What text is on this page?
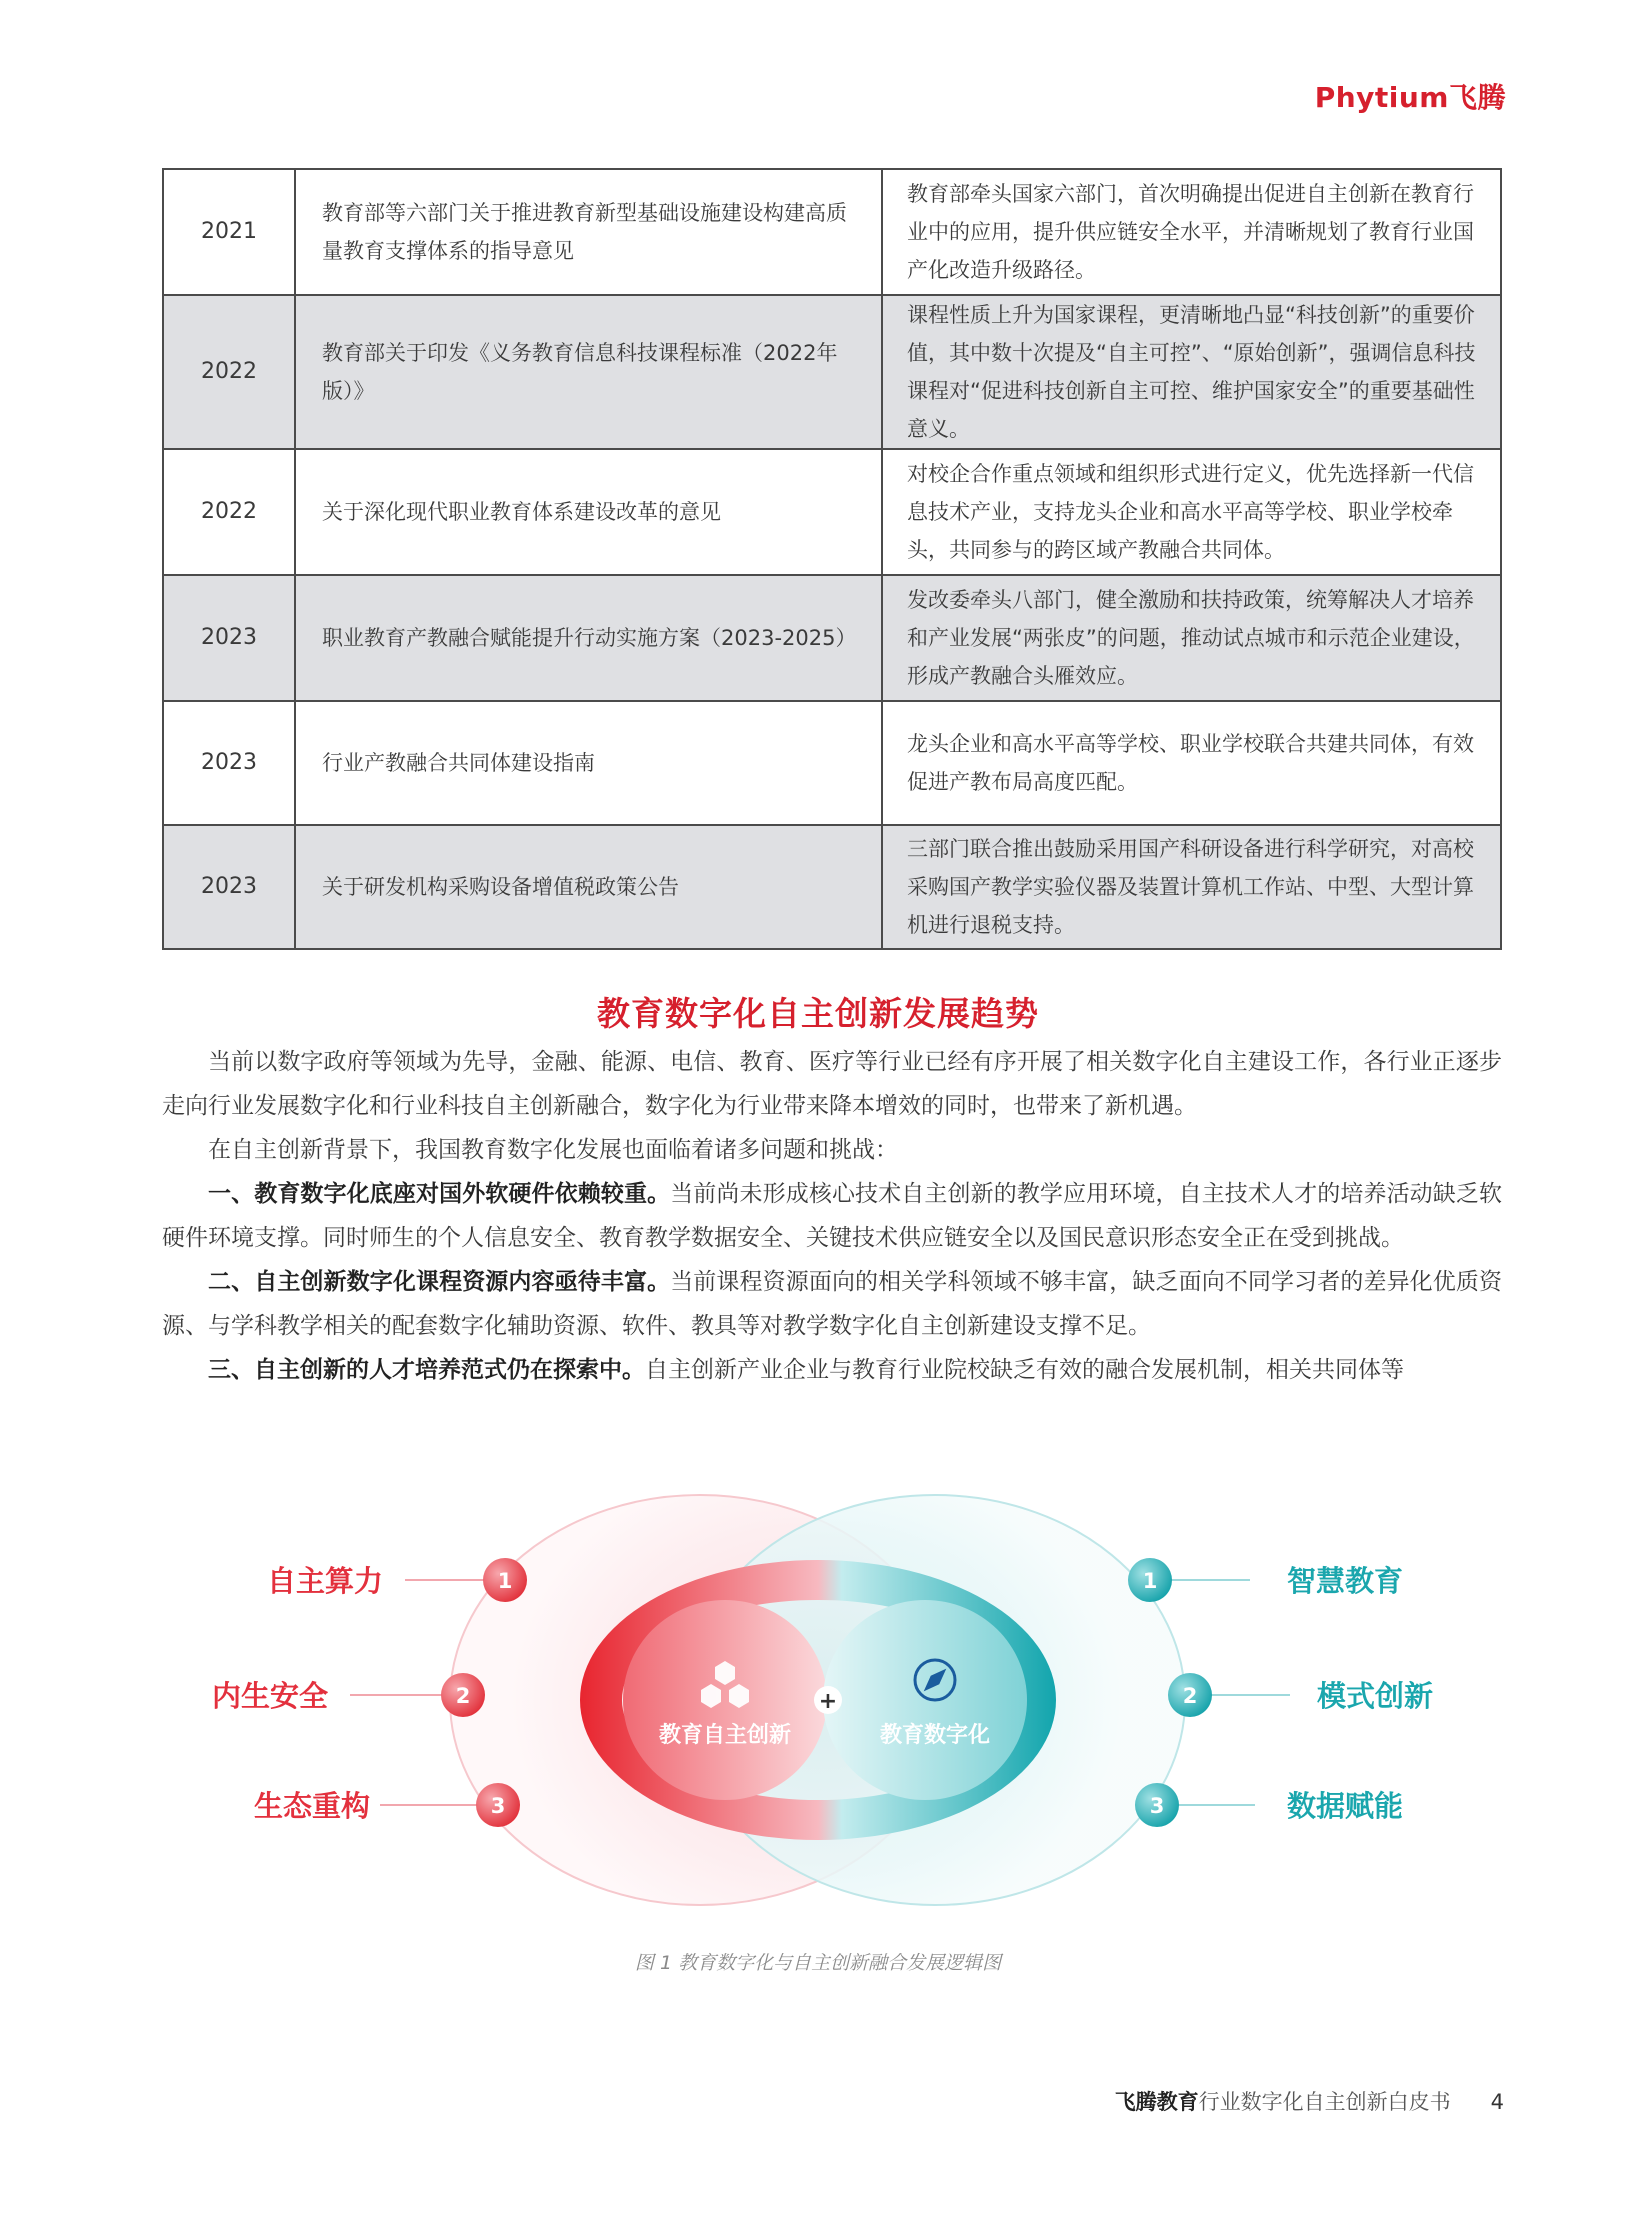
Phytium飞腾
2021	教育部等六部门关于推进教育新型基础设施建设构建高质量教育支撑体系的指导意见	教育部牵头国家六部门，首次明确提出促进自主创新在教育行业中的应用，提升供应链安全水平，并清晰规划了教育行业国产化改造升级路径。
2022	教育部关于印发《义务教育信息科技课程标准（2022年版）》	课程性质上升为国家课程，更清晰地凸显“科技创新”的重要价值，其中数十次提及“自主可控”、“原始创新”，强调信息科技课程对“促进科技创新自主可控、维护国家安全”的重要基础性意义。
2022	关于深化现代职业教育体系建设改革的意见	对校企合作重点领域和组织形式进行定义，优先选择新一代信息技术产业，支持龙头企业和高水平高等学校、职业学校牵头，共同参与的跨区域产教融合共同体。
2023	职业教育产教融合赋能提升行动实施方案（2023-2025）	发改委牵头八部门，健全激励和扶持政策，统筹解决人才培养和产业发展“两张皮”的问题，推动试点城市和示范企业建设，形成产教融合头雁效应。
2023	行业产教融合共同体建设指南	龙头企业和高水平高等学校、职业学校联合共建共同体，有效促进产教布局高度匹配。
2023	关于研发机构采购设备增值税政策公告	三部门联合推出鼓励采用国产科研设备进行科学研究，对高校采购国产教学实验仪器及装置计算机工作站、中型、大型计算机进行退税支持。
教育数字化自主创新发展趋势

当前以数字政府等领域为先导，金融、能源、电信、教育、医疗等行业已经有序开展了相关数字化自主建设工作，各行业正逐步走向行业发展数字化和行业科技自主创新融合，数字化为行业带来降本增效的同时，也带来了新机遇。

在自主创新背景下，我国教育数字化发展也面临着诸多问题和挑战：

一、教育数字化底座对国外软硬件依赖较重。当前尚未形成核心技术自主创新的教学应用环境，自主技术人才的培养活动缺乏软硬件环境支撑。同时师生的个人信息安全、教育教学数据安全、关键技术供应链安全以及国民意识形态安全正在受到挑战。

二、自主创新数字化课程资源内容亟待丰富。当前课程资源面向的相关学科领域不够丰富，缺乏面向不同学习者的差异化优质资源、与学科教学相关的配套数字化辅助资源、软件、教具等对教学数字化自主创新建设支撑不足。

三、自主创新的人才培养范式仍在探索中。自主创新产业企业与教育行业院校缺乏有效的融合发展机制，相关共同体等

教育自主创新	教育数字化
+
1
2
3
1
2
3
自主算力
内生安全
生态重构
智慧教育
模式创新
数据赋能
图 1 教育数字化与自主创新融合发展逻辑图
飞腾教育行业数字化自主创新白皮书 4
